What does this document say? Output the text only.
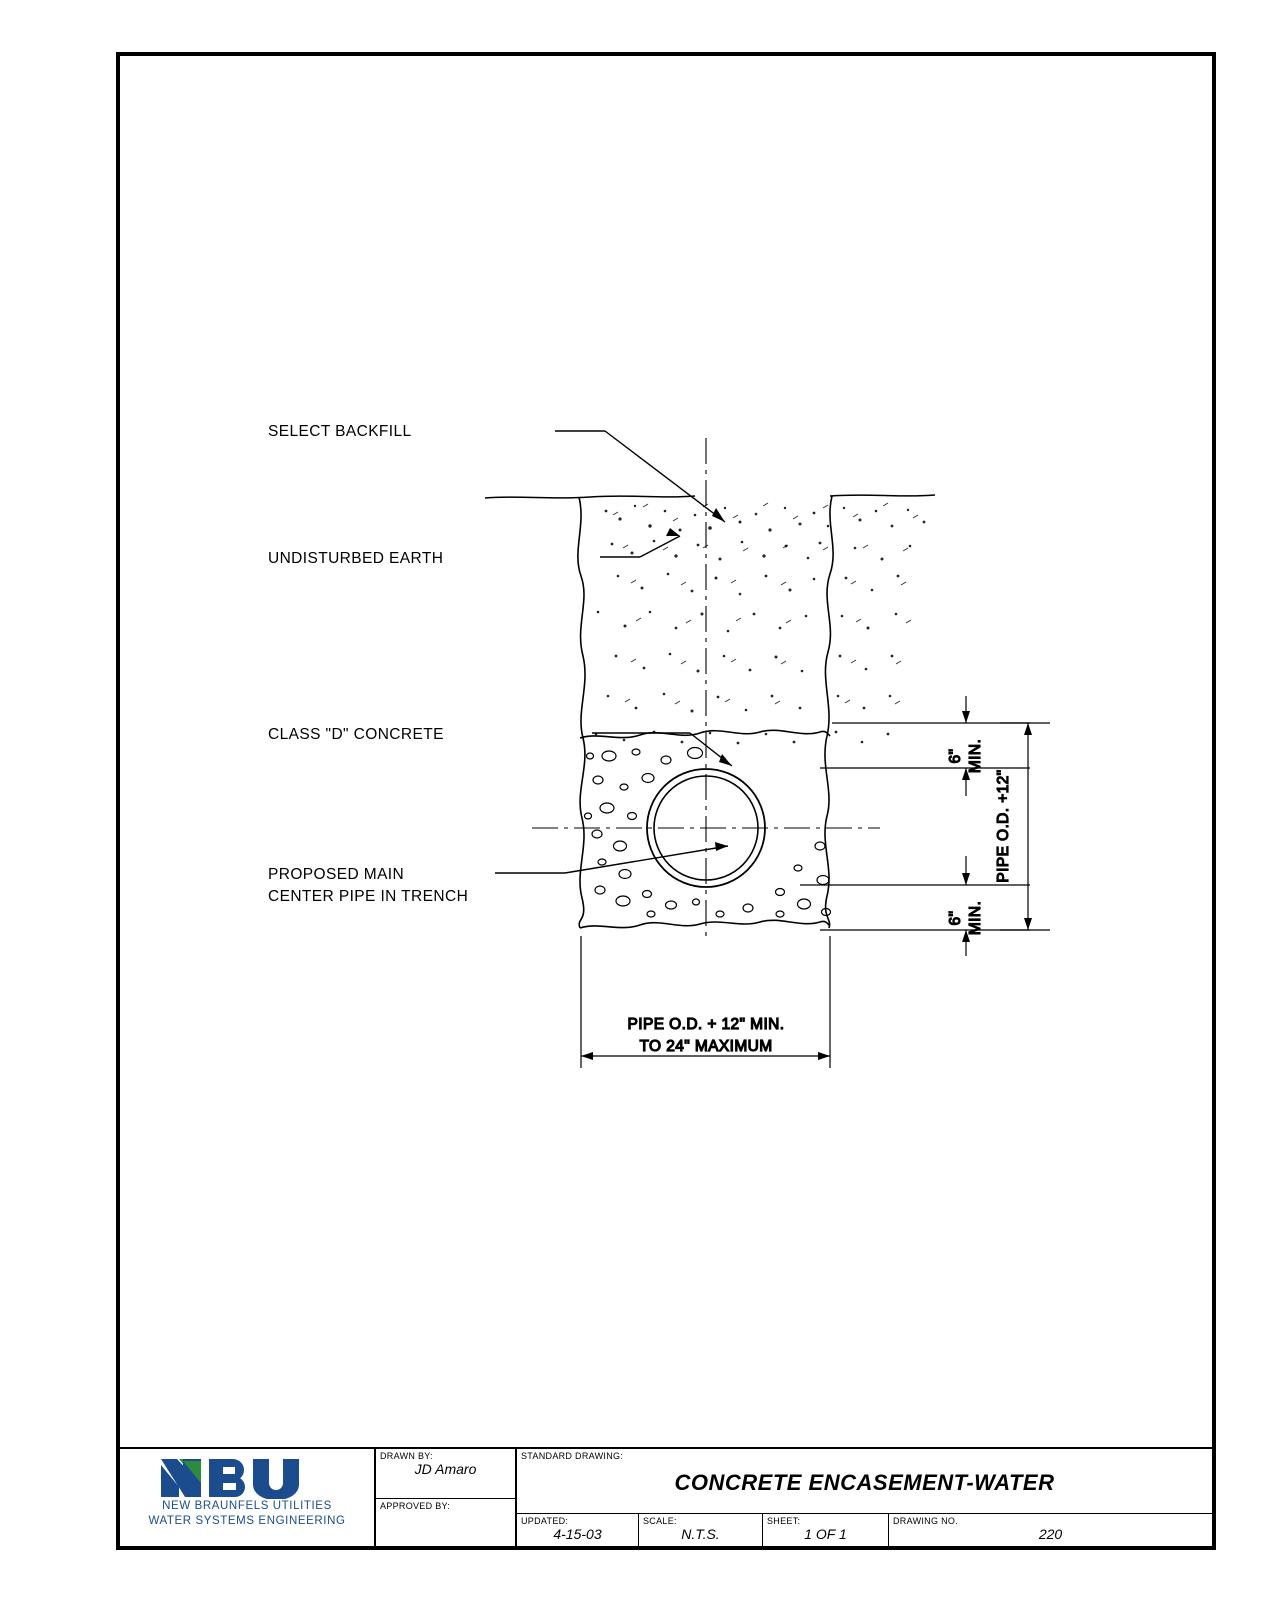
SELECT BACKFILL
UNDISTURBED EARTH
CLASS "D" CONCRETE
PROPOSED MAIN
CENTER PIPE IN TRENCH
6" MIN.
6" MIN.
PIPE O.D. +12"
PIPE O.D. + 12" MIN.
TO 24" MAXIMUM
NEW BRAUNFELS UTILITIES
WATER SYSTEMS ENGINEERING
DRAWN BY:
JD Amaro
APPROVED BY:
STANDARD DRAWING:
CONCRETE ENCASEMENT-WATER
UPDATED:
4-15-03
SCALE:
N.T.S.
SHEET:
1 OF 1
DRAWING NO.
220
